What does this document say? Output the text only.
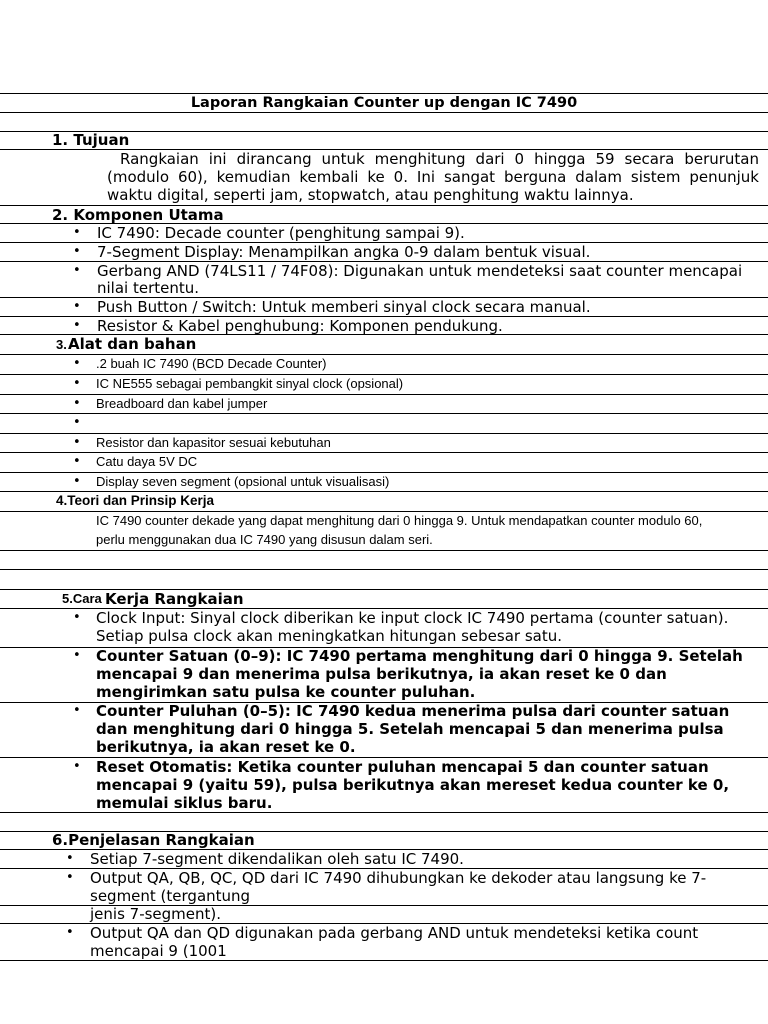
Laporan Rangkaian Counter up dengan IC 7490
1. Tujuan
Rangkaian ini dirancang untuk menghitung dari 0 hingga 59 secara berurutan
(modulo 60), kemudian kembali ke 0. Ini sangat berguna dalam sistem penunjuk
waktu digital, seperti jam, stopwatch, atau penghitung waktu lainnya.
2. Komponen Utama
• IC 7490: Decade counter (penghitung sampai 9).
• 7-Segment Display: Menampilkan angka 0-9 dalam bentuk visual.
• Gerbang AND (74LS11 / 74F08): Digunakan untuk mendeteksi saat counter mencapai
nilai tertentu.
• Push Button / Switch: Untuk memberi sinyal clock secara manual.
• Resistor & Kabel penghubung: Komponen pendukung.
3. Alat dan bahan
• .2 buah IC 7490 (BCD Decade Counter)
• IC NE555 sebagai pembangkit sinyal clock (opsional)
• Breadboard dan kabel jumper
•
• Resistor dan kapasitor sesuai kebutuhan
• Catu daya 5V DC
• Display seven segment (opsional untuk visualisasi)
4.Teori dan Prinsip Kerja
IC 7490 counter dekade yang dapat menghitung dari 0 hingga 9. Untuk mendapatkan counter modulo 60,
perlu menggunakan dua IC 7490 yang disusun dalam seri.
5.Cara Kerja Rangkaian
• Clock Input: Sinyal clock diberikan ke input clock IC 7490 pertama (counter satuan).
Setiap pulsa clock akan meningkatkan hitungan sebesar satu.
• Counter Satuan (0–9): IC 7490 pertama menghitung dari 0 hingga 9. Setelah
mencapai 9 dan menerima pulsa berikutnya, ia akan reset ke 0 dan
mengirimkan satu pulsa ke counter puluhan.
• Counter Puluhan (0–5): IC 7490 kedua menerima pulsa dari counter satuan
dan menghitung dari 0 hingga 5. Setelah mencapai 5 dan menerima pulsa
berikutnya, ia akan reset ke 0.
• Reset Otomatis: Ketika counter puluhan mencapai 5 dan counter satuan
mencapai 9 (yaitu 59), pulsa berikutnya akan mereset kedua counter ke 0,
memulai siklus baru.
6.Penjelasan Rangkaian
• Setiap 7-segment dikendalikan oleh satu IC 7490.
• Output QA, QB, QC, QD dari IC 7490 dihubungkan ke dekoder atau langsung ke 7-
segment (tergantung
jenis 7-segment).
• Output QA dan QD digunakan pada gerbang AND untuk mendeteksi ketika count
mencapai 9 (1001
